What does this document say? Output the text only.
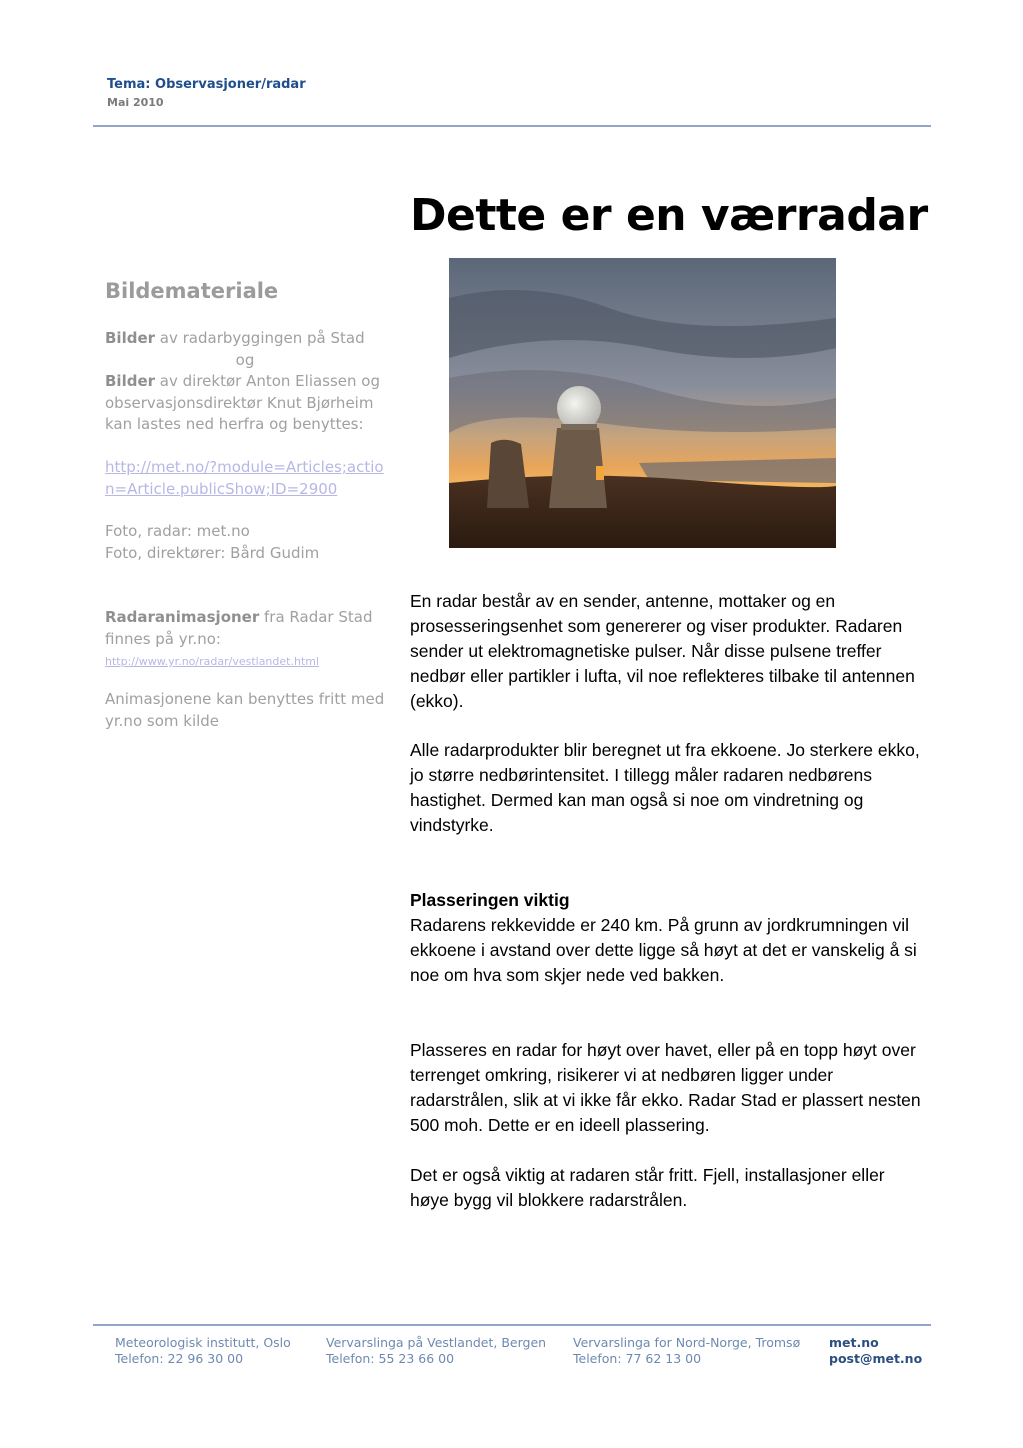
Tema: Observasjoner/radar
Mai 2010
Bildemateriale

Bilder av radarbyggingen på Stad
og
Bilder av direktør Anton Eliassen og observasjonsdirektør Knut Bjørheim kan lastes ned herfra og benyttes:

http://met.no/?module=Articles;action=Article.publicShow;ID=2900

Foto, radar: met.no

Foto, direktører: Bård Gudim

Radaranimasjoner fra Radar Stad finnes på yr.no:

http://www.yr.no/radar/vestlandet.html

Animasjonene kan benyttes fritt med yr.no som kilde

Dette er en værradar

En radar består av en sender, antenne, mottaker og en prosesseringsenhet som genererer og viser produkter. Radaren sender ut elektromagnetiske pulser. Når disse pulsene treffer nedbør eller partikler i lufta, vil noe reflekteres tilbake til antennen (ekko).

Alle radarprodukter blir beregnet ut fra ekkoene. Jo sterkere ekko, jo større nedbørintensitet. I tillegg måler radaren nedbørens hastighet. Dermed kan man også si noe om vindretning og vindstyrke.

Plasseringen viktig

Radarens rekkevidde er 240 km. På grunn av jordkrumningen vil ekkoene i avstand over dette ligge så høyt at det er vanskelig å si noe om hva som skjer nede ved bakken.

Plasseres en radar for høyt over havet, eller på en topp høyt over terrenget omkring, risikerer vi at nedbøren ligger under radarstrålen, slik at vi ikke får ekko. Radar Stad er plassert nesten 500 moh. Dette er en ideell plassering.

Det er også viktig at radaren står fritt. Fjell, installasjoner eller høye bygg vil blokkere radarstrålen.

Meteorologisk institutt, Oslo
Telefon: 22 96 30 00
Vervarslinga på Vestlandet, Bergen
Telefon: 55 23 66 00
Vervarslinga for Nord-Norge, Tromsø
Telefon: 77 62 13 00
met.no
post@met.no
